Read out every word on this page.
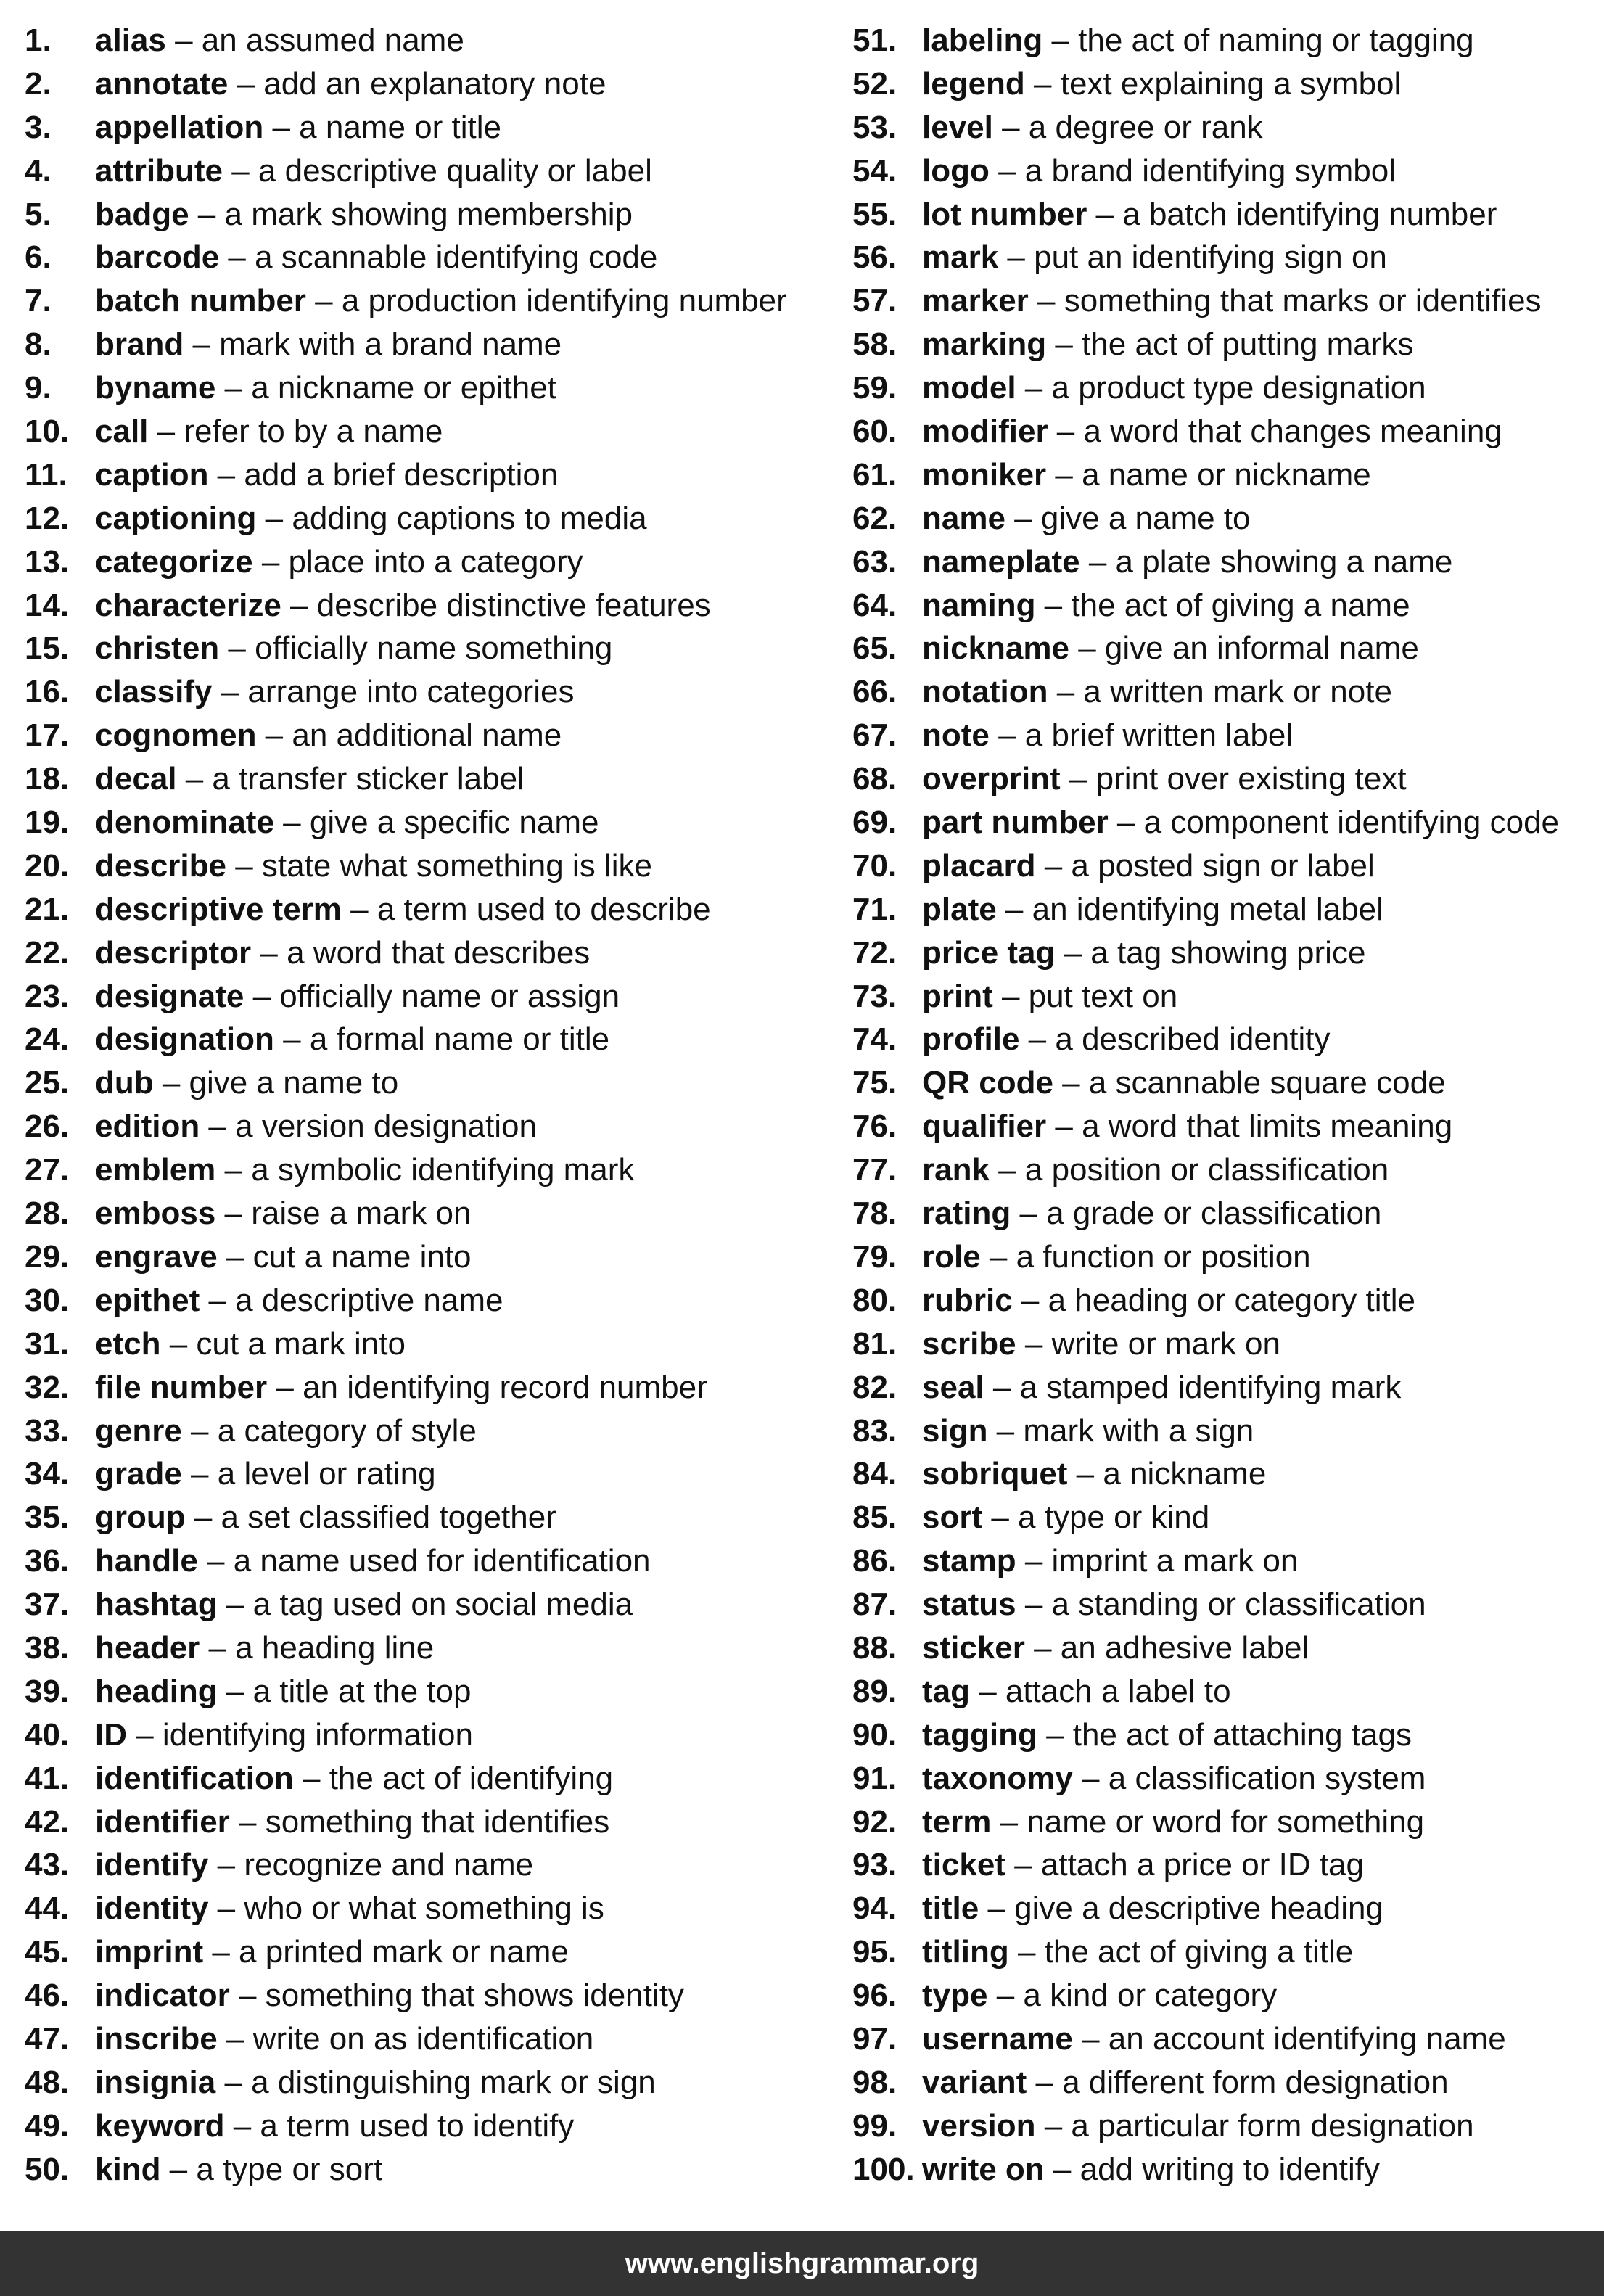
1.	alias – an assumed name
2.	annotate – add an explanatory note
3.	appellation – a name or title
4.	attribute – a descriptive quality or label
5.	badge – a mark showing membership
6.	barcode – a scannable identifying code
7.	batch number – a production identifying number
8.	brand – mark with a brand name
9.	byname – a nickname or epithet
10. call – refer to by a name
11. caption – add a brief description
12. captioning – adding captions to media
13. categorize – place into a category
14. characterize – describe distinctive features
15. christen – officially name something
16. classify – arrange into categories
17. cognomen – an additional name
18. decal – a transfer sticker label
19. denominate – give a specific name
20. describe – state what something is like
21. descriptive term – a term used to describe
22. descriptor – a word that describes
23. designate – officially name or assign
24. designation – a formal name or title
25. dub – give a name to
26. edition – a version designation
27. emblem – a symbolic identifying mark
28. emboss – raise a mark on
29. engrave – cut a name into
30. epithet – a descriptive name
31. etch – cut a mark into
32. file number – an identifying record number
33. genre – a category of style
34. grade – a level or rating
35. group – a set classified together
36. handle – a name used for identification
37. hashtag – a tag used on social media
38. header – a heading line
39. heading – a title at the top
40. ID – identifying information
41. identification – the act of identifying
42. identifier – something that identifies
43. identify – recognize and name
44. identity – who or what something is
45. imprint – a printed mark or name
46. indicator – something that shows identity
47. inscribe – write on as identification
48. insignia – a distinguishing mark or sign
49. keyword – a term used to identify
50. kind – a type or sort
51. labeling – the act of naming or tagging
52. legend – text explaining a symbol
53. level – a degree or rank
54. logo – a brand identifying symbol
55. lot number – a batch identifying number
56. mark – put an identifying sign on
57. marker – something that marks or identifies
58. marking – the act of putting marks
59. model – a product type designation
60. modifier – a word that changes meaning
61. moniker – a name or nickname
62. name – give a name to
63. nameplate – a plate showing a name
64. naming – the act of giving a name
65. nickname – give an informal name
66. notation – a written mark or note
67. note – a brief written label
68. overprint – print over existing text
69. part number – a component identifying code
70. placard – a posted sign or label
71. plate – an identifying metal label
72. price tag – a tag showing price
73. print – put text on
74. profile – a described identity
75. QR code – a scannable square code
76. qualifier – a word that limits meaning
77. rank – a position or classification
78. rating – a grade or classification
79. role – a function or position
80. rubric – a heading or category title
81. scribe – write or mark on
82. seal – a stamped identifying mark
83. sign – mark with a sign
84. sobriquet – a nickname
85. sort – a type or kind
86. stamp – imprint a mark on
87. status – a standing or classification
88. sticker – an adhesive label
89. tag – attach a label to
90. tagging – the act of attaching tags
91. taxonomy – a classification system
92. term – name or word for something
93. ticket – attach a price or ID tag
94. title – give a descriptive heading
95. titling – the act of giving a title
96. type – a kind or category
97. username – an account identifying name
98. variant – a different form designation
99. version – a particular form designation
100. write on – add writing to identify
www.englishgrammar.org
